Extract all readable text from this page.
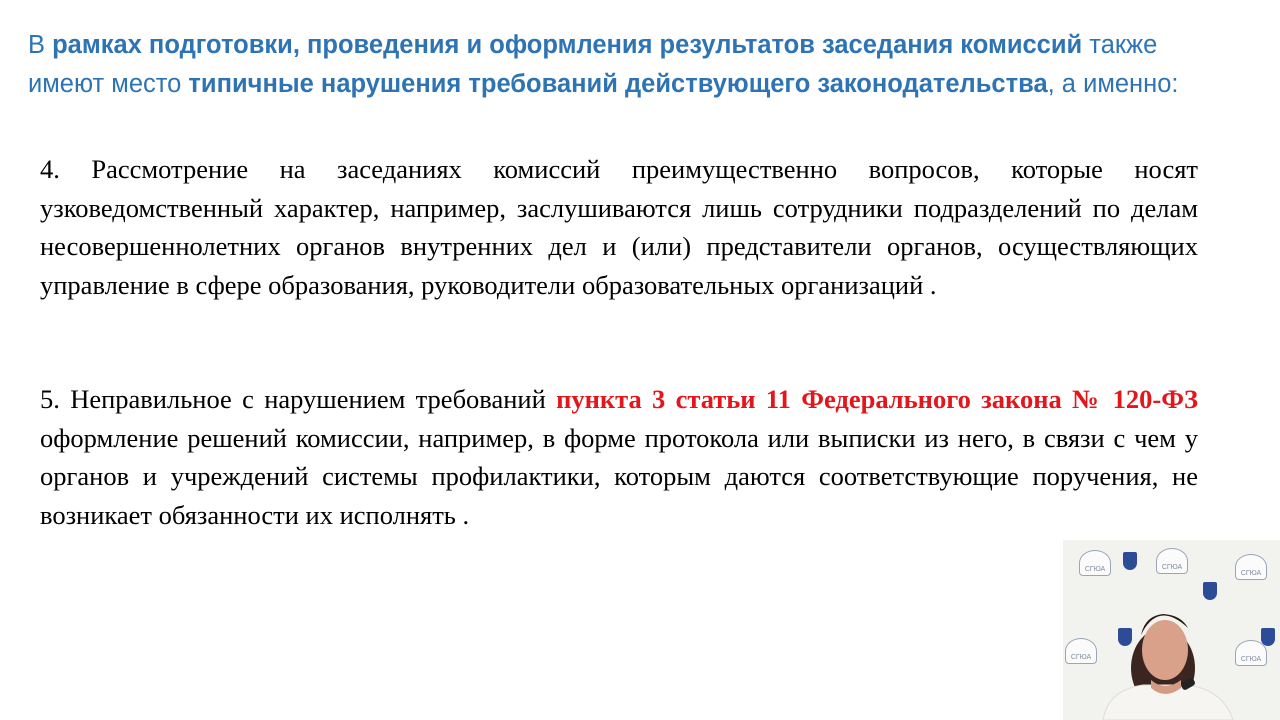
В рамках подготовки, проведения и оформления результатов заседания комиссий также имеют место типичные нарушения требований действующего законодательства, а именно:
4. Рассмотрение на заседаниях комиссий преимущественно вопросов, которые носят узковедомственный характер, например, заслушиваются лишь сотрудники подразделений по делам несовершеннолетних органов внутренних дел и (или) представители органов, осуществляющих управление в сфере образования, руководители образовательных организаций .
5. Неправильное с нарушением требований пункта 3 статьи 11 Федерального закона № 120-ФЗ оформление решений комиссии, например, в форме протокола или выписки из него, в связи с чем у органов и учреждений системы профилактики, которым даются соответствующие поручения, не возникает обязанности их исполнять .
СГЮА	СГЮА
СГЮА
СГЮА	СГЮА
